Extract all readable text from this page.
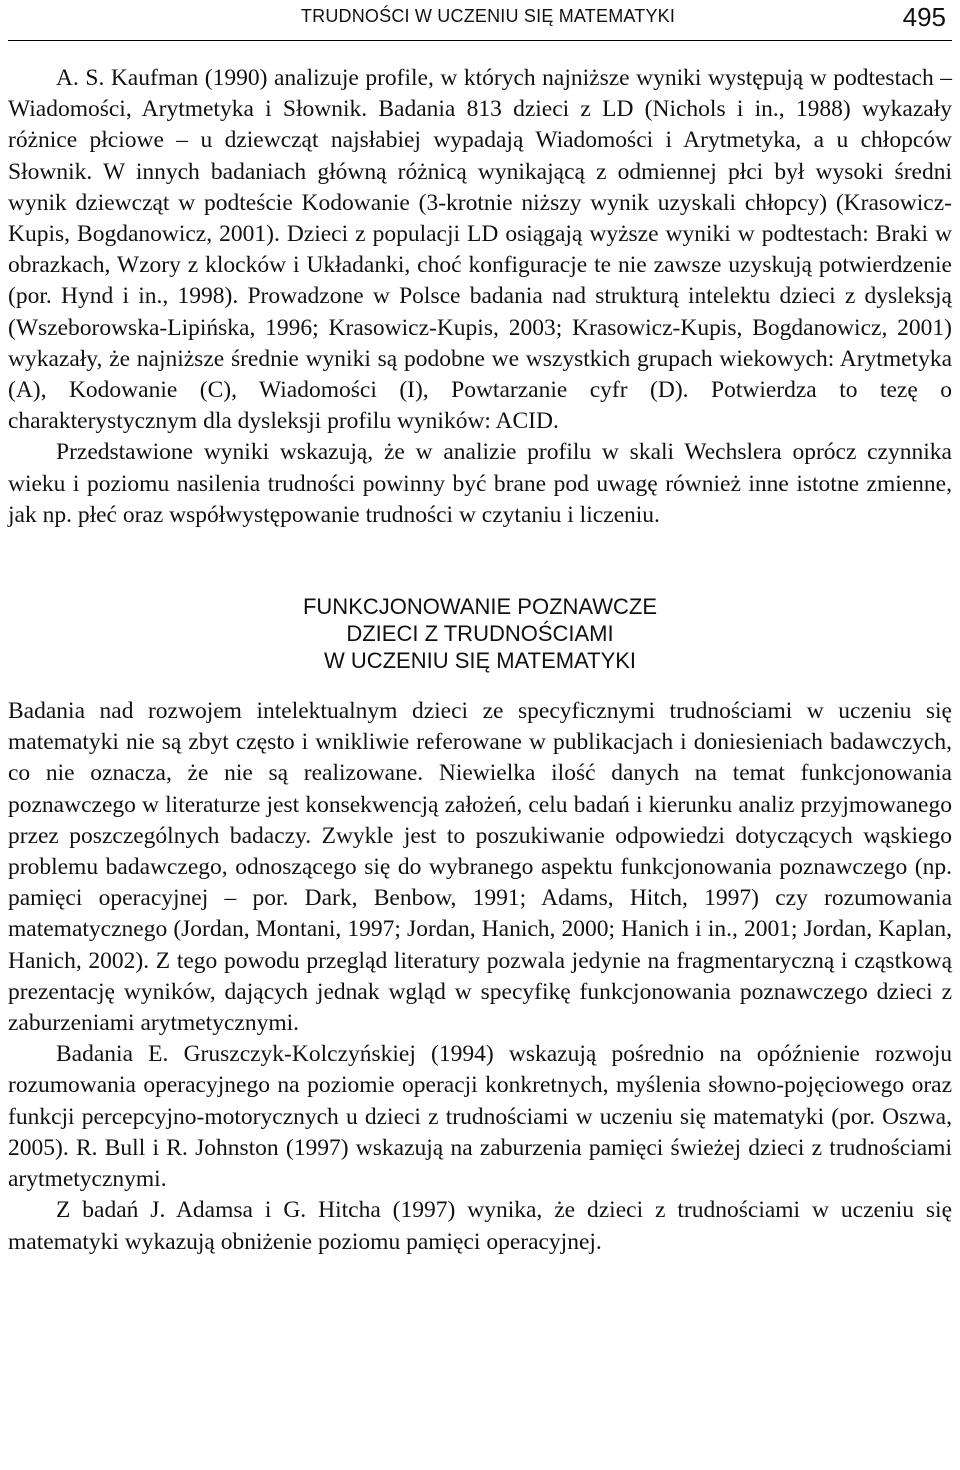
TRUDNOŚCI W UCZENIU SIĘ MATEMATYKI	495

A. S. Kaufman (1990) analizuje profile, w których najniższe wyniki występują w podtestach – Wiadomości, Arytmetyka i Słownik. Badania 813 dzieci z LD (Nichols i in., 1988) wykazały różnice płciowe – u dziewcząt najsłabiej wypadają Wiadomości i Arytmetyka, a u chłopców Słownik. W innych badaniach główną różnicą wynikającą z odmiennej płci był wysoki średni wynik dziewcząt w podteście Kodowanie (3-krotnie niższy wynik uzyskali chłopcy) (Krasowicz-Kupis, Bogdanowicz, 2001). Dzieci z populacji LD osiągają wyższe wyniki w podtestach: Braki w obrazkach, Wzory z klocków i Układanki, choć konfiguracje te nie zawsze uzyskują potwierdzenie (por. Hynd i in., 1998). Prowadzone w Polsce badania nad strukturą intelektu dzieci z dysleksją (Wszeborowska-Lipińska, 1996; Krasowicz-Kupis, 2003; Krasowicz-Kupis, Bogdanowicz, 2001) wykazały, że najniższe średnie wyniki są podobne we wszystkich grupach wiekowych: Arytmetyka (A), Kodowanie (C), Wiadomości (I), Powtarzanie cyfr (D). Potwierdza to tezę o charakterystycznym dla dysleksji profilu wyników: ACID.

Przedstawione wyniki wskazują, że w analizie profilu w skali Wechslera oprócz czynnika wieku i poziomu nasilenia trudności powinny być brane pod uwagę również inne istotne zmienne, jak np. płeć oraz współwystępowanie trudności w czytaniu i liczeniu.

FUNKCJONOWANIE POZNAWCZE
DZIECI Z TRUDNOŚCIAMI
W UCZENIU SIĘ MATEMATYKI

Badania nad rozwojem intelektualnym dzieci ze specyficznymi trudnościami w uczeniu się matematyki nie są zbyt często i wnikliwie referowane w publikacjach i doniesieniach badawczych, co nie oznacza, że nie są realizowane. Niewielka ilość danych na temat funkcjonowania poznawczego w literaturze jest konsekwencją założeń, celu badań i kierunku analiz przyjmowanego przez poszczególnych badaczy. Zwykle jest to poszukiwanie odpowiedzi dotyczących wąskiego problemu badawczego, odnoszącego się do wybranego aspektu funkcjonowania poznawczego (np. pamięci operacyjnej – por. Dark, Benbow, 1991; Adams, Hitch, 1997) czy rozumowania matematycznego (Jordan, Montani, 1997; Jordan, Hanich, 2000; Hanich i in., 2001; Jordan, Kaplan, Hanich, 2002). Z tego powodu przegląd literatury pozwala jedynie na fragmentaryczną i cząstkową prezentację wyników, dających jednak wgląd w specyfikę funkcjonowania poznawczego dzieci z zaburzeniami arytmetycznymi.

Badania E. Gruszczyk-Kolczyńskiej (1994) wskazują pośrednio na opóźnienie rozwoju rozumowania operacyjnego na poziomie operacji konkretnych, myślenia słowno-pojęciowego oraz funkcji percepcyjno-motorycznych u dzieci z trudnościami w uczeniu się matematyki (por. Oszwa, 2005). R. Bull i R. Johnston (1997) wskazują na zaburzenia pamięci świeżej dzieci z trudnościami arytmetycznymi.

Z badań J. Adamsa i G. Hitcha (1997) wynika, że dzieci z trudnościami w uczeniu się matematyki wykazują obniżenie poziomu pamięci operacyjnej.
